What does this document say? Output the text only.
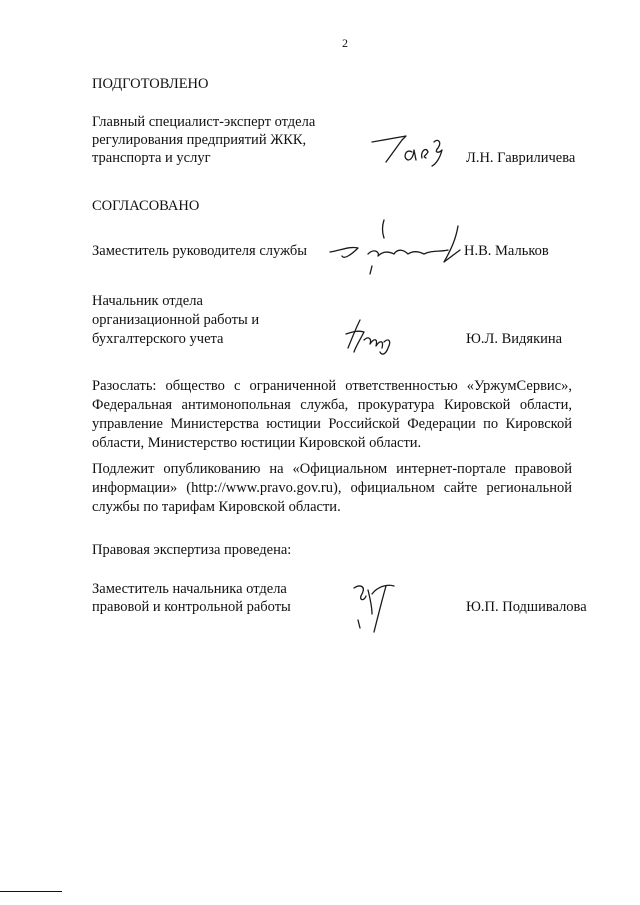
2
ПОДГОТОВЛЕНО
Главный специалист-эксперт отдела
регулирования предприятий ЖКК,
транспорта и услуг	Л.Н. Гавриличева
СОГЛАСОВАНО
Заместитель руководителя службы	Н.В. Мальков
Начальник отдела
организационной работы и
бухгалтерского учета	Ю.Л. Видякина
Разослать: общество с ограниченной ответственностью «УржумСервис», Федеральная антимонопольная служба, прокуратура Кировской области, управление Министерства юстиции Российской Федерации по Кировской области, Министерство юстиции Кировской области.
Подлежит опубликованию на «Официальном интернет-портале правовой информации» (http://www.pravo.gov.ru), официальном сайте региональной службы по тарифам Кировской области.
Правовая экспертиза проведена:
Заместитель начальника отдела
правовой и контрольной работы	Ю.П. Подшивалова
